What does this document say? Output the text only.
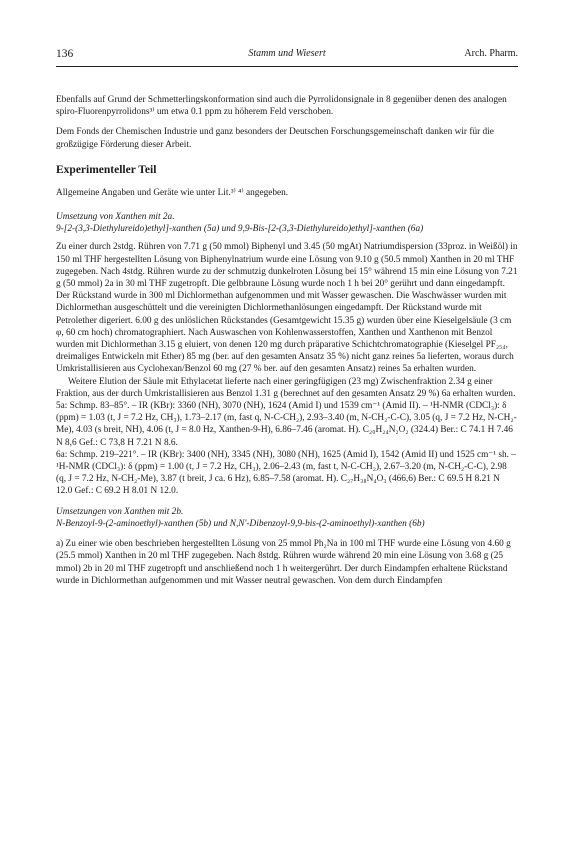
136	Stamm und Wiesert	Arch. Pharm.

Ebenfalls auf Grund der Schmetterlingskonformation sind auch die Pyrrolidonsignale in 8 gegenüber denen des analogen spiro-Fluorenpyrrolidons³⁾ um etwa 0.1 ppm zu höherem Feld verschoben.

Dem Fonds der Chemischen Industrie und ganz besonders der Deutschen Forschungsgemeinschaft danken wir für die großzügige Förderung dieser Arbeit.

Experimenteller Teil

Allgemeine Angaben und Geräte wie unter Lit.³⁾ ⁴⁾ angegeben.

Umsetzung von Xanthen mit 2a.

9-[2-(3,3-Diethylureido)ethyl]-xanthen (5a) und 9,9-Bis-[2-(3,3-Diethylureido)ethyl]-xanthen (6a)

Zu einer durch 2stdg. Rühren von 7.71 g (50 mmol) Biphenyl und 3.45 (50 mgAt) Natriumdispersion (33proz. in Weißöl) in 150 ml THF hergestellten Lösung von Biphenylnatrium wurde eine Lösung von 9.10 g (50.5 mmol) Xanthen in 20 ml THF zugegeben. Nach 4stdg. Rühren wurde zu der schmutzig dunkelroten Lösung bei 15° während 15 min eine Lösung von 7.21 g (50 mmol) 2a in 30 ml THF zugetropft. Die gelbbraune Lösung wurde noch 1 h bei 20° gerührt und dann eingedampft. Der Rückstand wurde in 300 ml Dichlormethan aufgenommen und mit Wasser gewaschen. Die Waschwässer wurden mit Dichlormethan ausgeschüttelt und die vereinigten Dichlormethanlösungen eingedampft. Der Rückstand wurde mit Petrolether digeriert. 6.00 g des unlöslichen Rückstandes (Gesamtgewicht 15.35 g) wurden über eine Kieselgelsäule (3 cm φ, 60 cm hoch) chromatographiert. Nach Auswaschen von Kohlenwasserstoffen, Xanthen und Xanthenon mit Benzol wurden mit Dichlormethan 3.15 g eluiert, von denen 120 mg durch präparative Schichtchromatographie (Kieselgel PF₂₅₄, dreimaliges Entwickeln mit Ether) 85 mg (ber. auf den gesamten Ansatz 35 %) nicht ganz reines 5a lieferten, woraus durch Umkristallisieren aus Cyclohexan/Benzol 60 mg (27 % ber. auf den gesamten Ansatz) reines 5a erhalten wurden.

Weitere Elution der Säule mit Ethylacetat lieferte nach einer geringfügigen (23 mg) Zwischenfraktion 2.34 g einer Fraktion, aus der durch Umkristallisieren aus Benzol 1.31 g (berechnet auf den gesamten Ansatz 29 %) 6a erhalten wurden.

5a: Schmp. 83–85°. – IR (KBr): 3360 (NH), 3070 (NH), 1624 (Amid I) und 1539 cm⁻¹ (Amid II). – ¹H-NMR (CDCl₃): δ (ppm) = 1.03 (t, J = 7.2 Hz, CH₃), 1.73–2.17 (m, fast q, N-C-CH₂), 2.93–3.40 (m, N-CH₂-C-C), 3.05 (q, J = 7.2 Hz, N-CH₂-Me), 4.03 (s breit, NH), 4.06 (t, J = 8.0 Hz, Xanthen-9-H), 6.86–7.46 (aromat. H). C₂₀H₂₄N₂O₂ (324.4) Ber.: C 74.1 H 7.46 N 8,6 Gef.: C 73,8 H 7.21 N 8.6.

6a: Schmp. 219–221°. – IR (KBr): 3400 (NH), 3345 (NH), 3080 (NH), 1625 (Amid I), 1542 (Amid II) und 1525 cm⁻¹ sh. – ¹H-NMR (CDCl₃): δ (ppm) = 1.00 (t, J = 7.2 Hz, CH₃), 2.06–2.43 (m, fast t, N-C-CH₂), 2.67–3.20 (m, N-CH₂-C-C), 2.98 (q, J = 7.2 Hz, N-CH₂-Me), 3.87 (t breit, J ca. 6 Hz), 6.85–7.58 (aromat. H). C₂₇H₃₈N₄O₃ (466,6) Ber.: C 69.5 H 8.21 N 12.0 Gef.: C 69.2 H 8.01 N 12.0.

Umsetzungen von Xanthen mit 2b.

N-Benzoyl-9-(2-aminoethyl)-xanthen (5b) und N,N'-Dibenzoyl-9,9-bis-(2-aminoethyl)-xanthen (6b)

a) Zu einer wie oben beschrieben hergestellten Lösung von 25 mmol Ph₂Na in 100 ml THF wurde eine Lösung von 4.60 g (25.5 mmol) Xanthen in 20 ml THF zugegeben. Nach 8stdg. Rühren wurde während 20 min eine Lösung von 3.68 g (25 mmol) 2b in 20 ml THF zugetropft und anschließend noch 1 h weitergerührt. Der durch Eindampfen erhaltene Rückstand wurde in Dichlormethan aufgenommen und mit Wasser neutral gewaschen. Von dem durch Eindampfen
